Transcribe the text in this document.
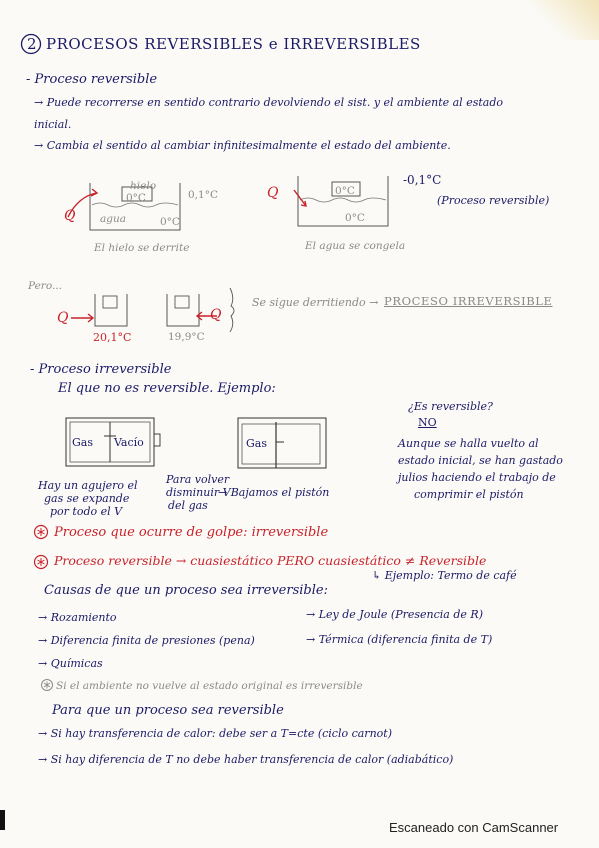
2 PROCESOS REVERSIBLES e IRREVERSIBLES
- Proceso reversible
→ Puede recorrerse en sentido contrario devolviendo el sist. y el ambiente al estado
inicial.
→ Cambia el sentido al cambiar infinitesimalmente el estado del ambiente.
Q
hielo
0°C
agua	0°C
0,1°C
El hielo se derrite
Q	0°C
0°C
-0,1°C
El agua se congela
(Proceso reversible)
Pero...
Q
20,1°C
Q
19,9°C
Se sigue derritiendo → PROCESO IRREVERSIBLE
- Proceso irreversible
El que no es reversible. Ejemplo:
Gas Vacío
Hay un agujero el
gas se expande
por todo el V
Gas
Para volver
disminuir V
del gas
→ Bajamos el pistón
¿Es reversible?
NO
Aunque se halla vuelto al
estado inicial, se han gastado
julios haciendo el trabajo de
comprimir el pistón
Proceso que ocurre de golpe: irreversible
Proceso reversible → cuasiestático PERO cuasiestático ≠ Reversible
↳ Ejemplo: Termo de café
Causas de que un proceso sea irreversible:
→ Rozamiento
→ Diferencia finita de presiones (pena)
→ Químicas
→ Ley de Joule (Presencia de R)
→ Térmica (diferencia finita de T)
Si el ambiente no vuelve al estado original es irreversible
Para que un proceso sea reversible
→ Si hay transferencia de calor: debe ser a T=cte (ciclo carnot)
→ Si hay diferencia de T no debe haber transferencia de calor (adiabático)
Escaneado con CamScanner
